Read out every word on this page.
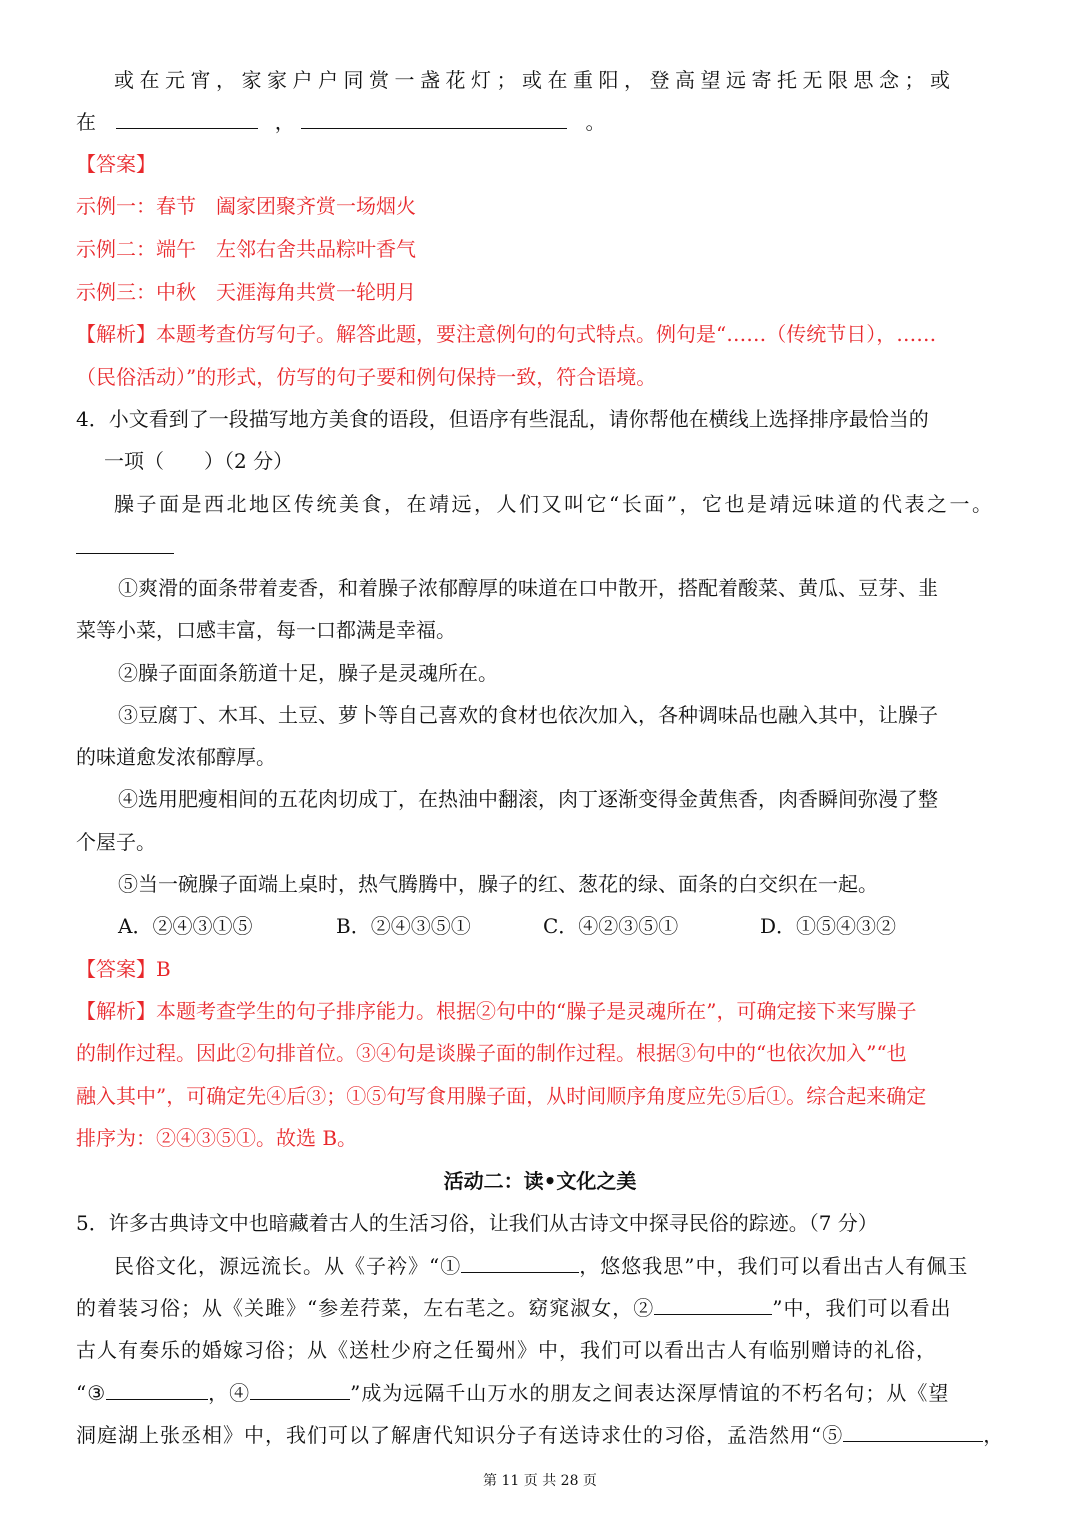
或在元宵，家家户户同赏一盏花灯；或在重阳，登高望远寄托无限思念；或
在	，	。
【答案】
示例一：春节　阖家团聚齐赏一场烟火
示例二：端午　左邻右舍共品粽叶香气
示例三：中秋　天涯海角共赏一轮明月
【解析】本题考查仿写句子。解答此题，要注意例句的句式特点。例句是“……（传统节日），……
（民俗活动）”的形式，仿写的句子要和例句保持一致，符合语境。
4．小文看到了一段描写地方美食的语段，但语序有些混乱，请你帮他在横线上选择排序最恰当的
一项（　　）（2 分）
臊子面是西北地区传统美食，在靖远，人们又叫它“长面”，它也是靖远味道的代表之一。
①爽滑的面条带着麦香，和着臊子浓郁醇厚的味道在口中散开，搭配着酸菜、黄瓜、豆芽、韭
菜等小菜，口感丰富，每一口都满是幸福。
②臊子面面条筋道十足，臊子是灵魂所在。
③豆腐丁、木耳、土豆、萝卜等自己喜欢的食材也依次加入，各种调味品也融入其中，让臊子
的味道愈发浓郁醇厚。
④选用肥瘦相间的五花肉切成丁，在热油中翻滚，肉丁逐渐变得金黄焦香，肉香瞬间弥漫了整
个屋子。
⑤当一碗臊子面端上桌时，热气腾腾中，臊子的红、葱花的绿、面条的白交织在一起。
A．②④③①⑤	B．②④③⑤①	C．④②③⑤①	D．①⑤④③②
【答案】B
【解析】本题考查学生的句子排序能力。根据②句中的“臊子是灵魂所在”，可确定接下来写臊子
的制作过程。因此②句排首位。③④句是谈臊子面的制作过程。根据③句中的“也依次加入”“也
融入其中”，可确定先④后③；①⑤句写食用臊子面，从时间顺序角度应先⑤后①。综合起来确定
排序为：②④③⑤①。故选 B。
活动二：读•文化之美
5．许多古典诗文中也暗藏着古人的生活习俗，让我们从古诗文中探寻民俗的踪迹。（7 分）
民俗文化，源远流长。从《子衿》“①	，悠悠我思”中，我们可以看出古人有佩玉
的着装习俗；从《关雎》“参差荇菜，左右芼之。窈窕淑女，②	”中，我们可以看出
古人有奏乐的婚嫁习俗；从《送杜少府之任蜀州》中，我们可以看出古人有临别赠诗的礼俗，
“③	，④	”成为远隔千山万水的朋友之间表达深厚情谊的不朽名句；从《望
洞庭湖上张丞相》中，我们可以了解唐代知识分子有送诗求仕的习俗，孟浩然用“⑤	，
第 11 页 共 28 页
